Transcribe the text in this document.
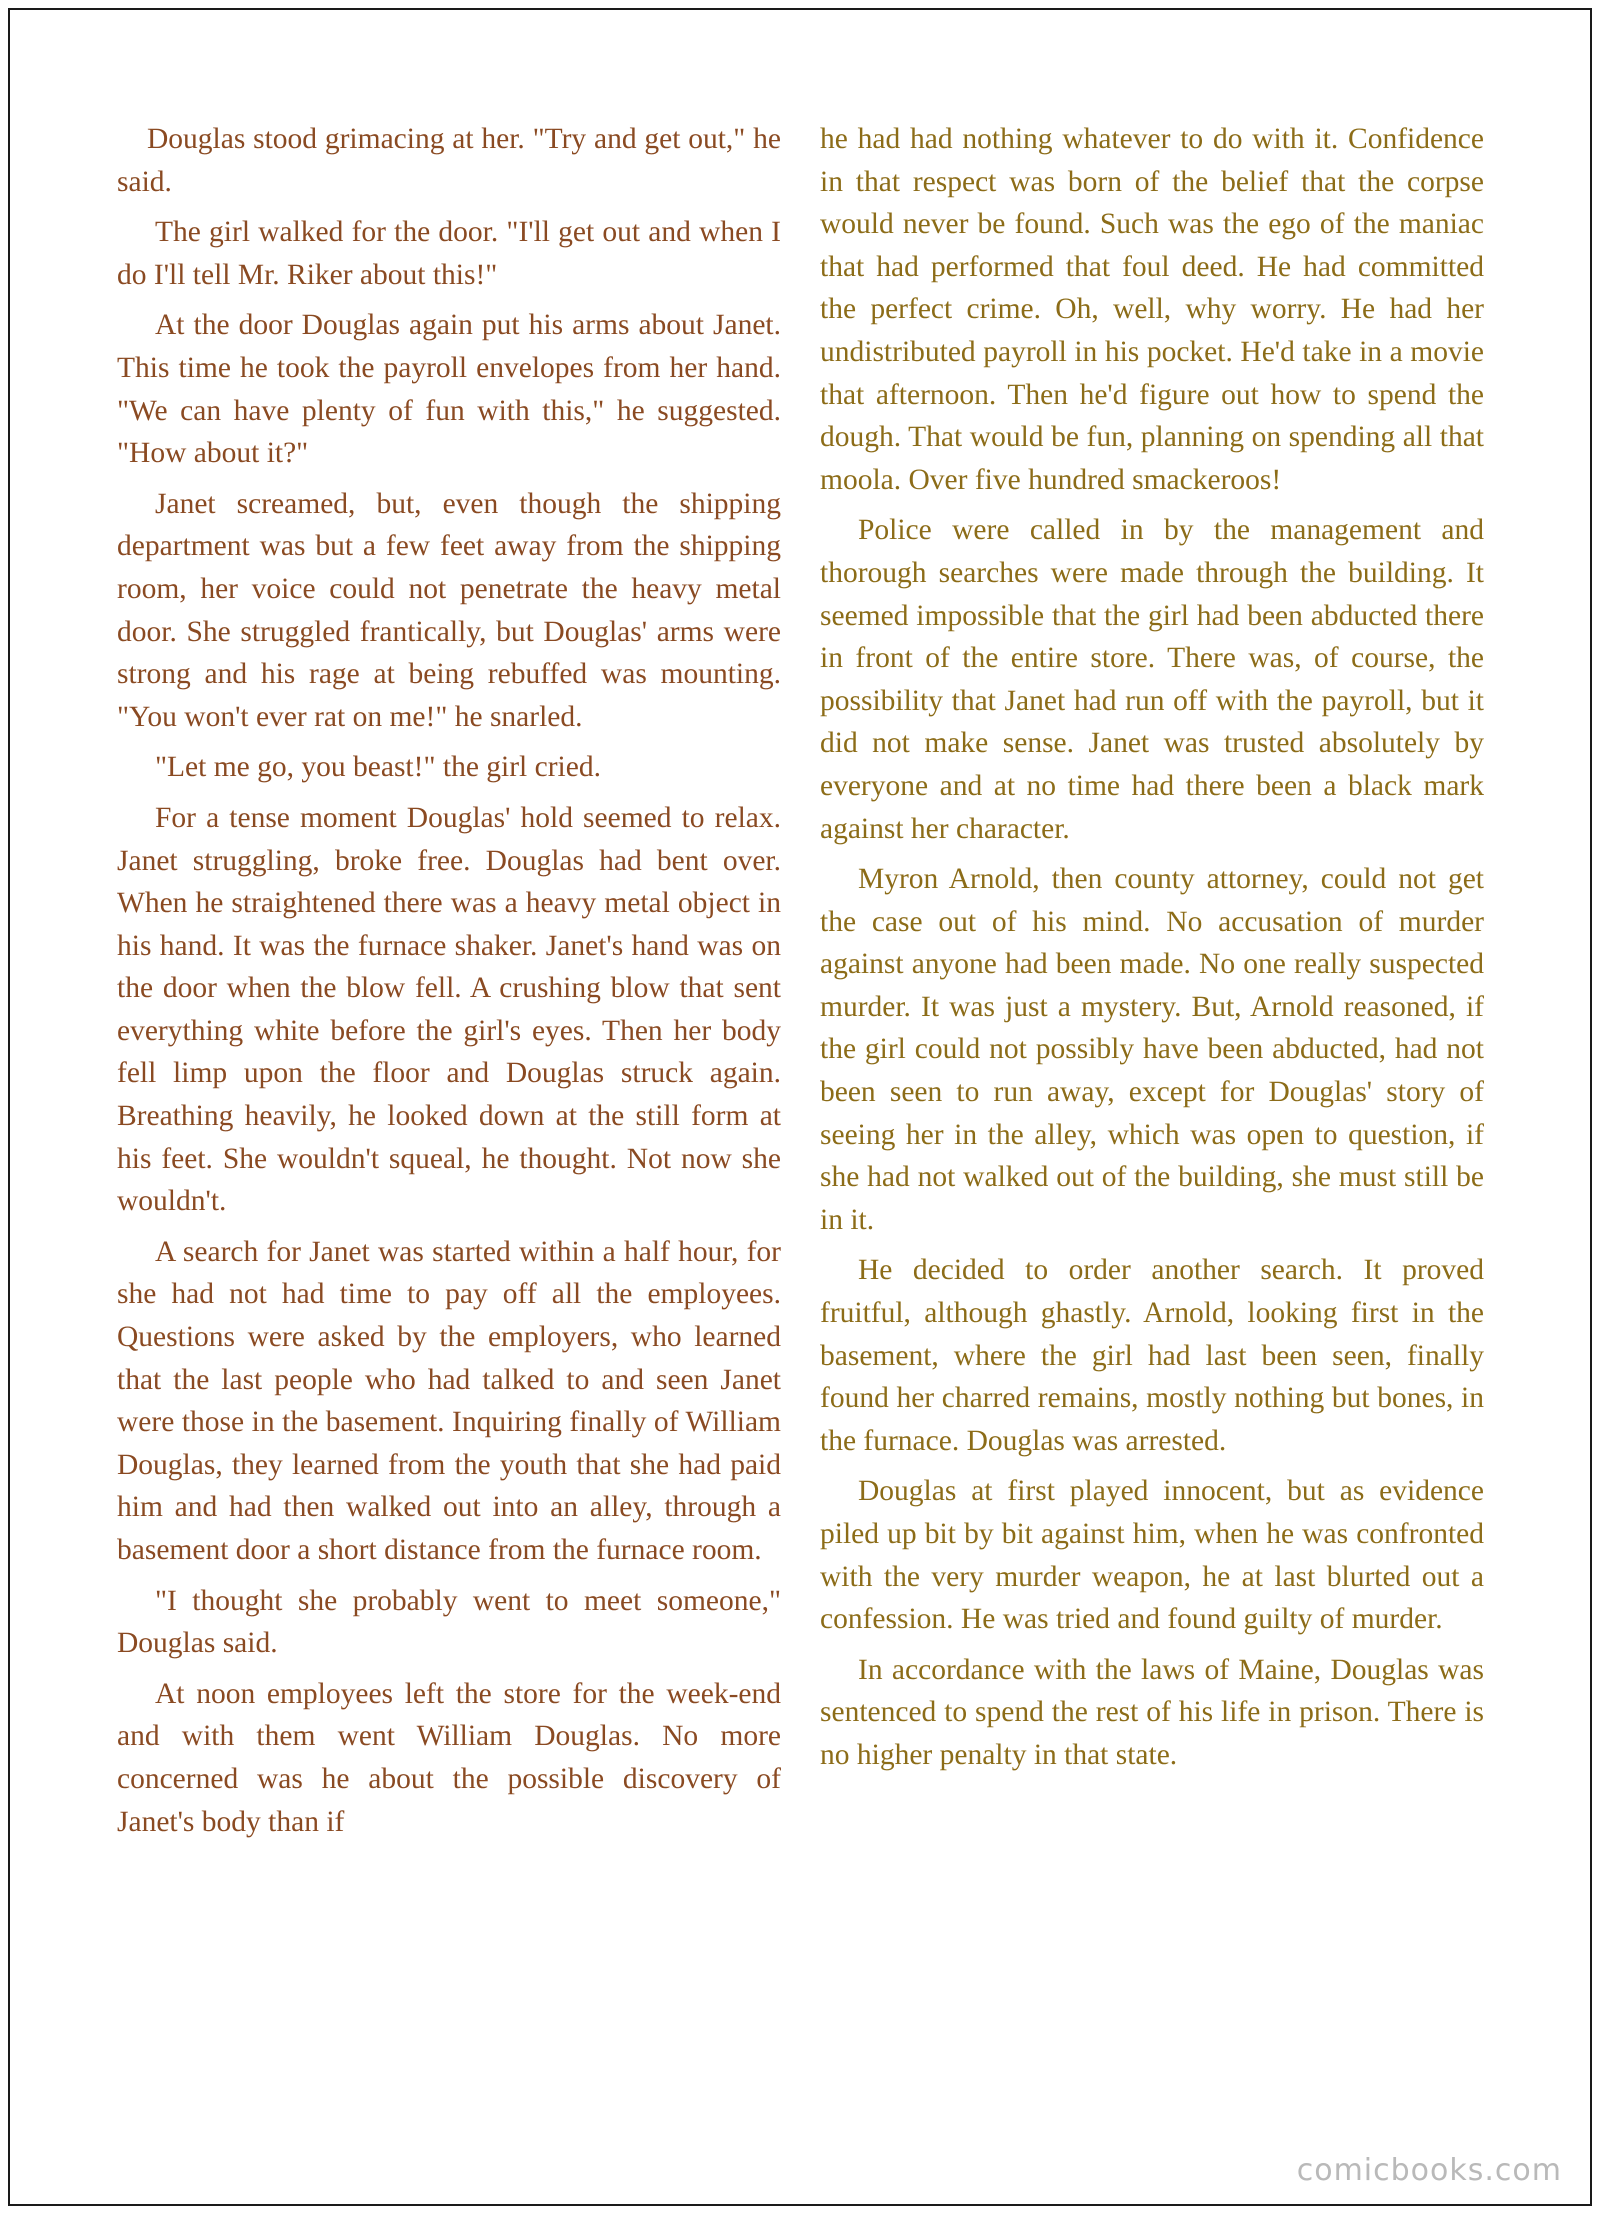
Douglas stood grimacing at her. "Try and get out," he said.

The girl walked for the door. "I'll get out and when I do I'll tell Mr. Riker about this!"

At the door Douglas again put his arms about Janet. This time he took the payroll envelopes from her hand. "We can have plenty of fun with this," he suggested. "How about it?"

Janet screamed, but, even though the shipping department was but a few feet away from the shipping room, her voice could not penetrate the heavy metal door. She struggled frantically, but Douglas' arms were strong and his rage at being rebuffed was mounting. "You won't ever rat on me!" he snarled.

"Let me go, you beast!" the girl cried.

For a tense moment Douglas' hold seemed to relax. Janet struggling, broke free. Douglas had bent over. When he straightened there was a heavy metal object in his hand. It was the furnace shaker. Janet's hand was on the door when the blow fell. A crushing blow that sent everything white before the girl's eyes. Then her body fell limp upon the floor and Douglas struck again. Breathing heavily, he looked down at the still form at his feet. She wouldn't squeal, he thought. Not now she wouldn't.

A search for Janet was started within a half hour, for she had not had time to pay off all the employees. Questions were asked by the employers, who learned that the last people who had talked to and seen Janet were those in the basement. Inquiring finally of William Douglas, they learned from the youth that she had paid him and had then walked out into an alley, through a basement door a short distance from the furnace room.

"I thought she probably went to meet someone," Douglas said.

At noon employees left the store for the week-end and with them went William Douglas. No more concerned was he about the possible discovery of Janet's body than if

he had had nothing whatever to do with it. Confidence in that respect was born of the belief that the corpse would never be found. Such was the ego of the maniac that had performed that foul deed. He had committed the perfect crime. Oh, well, why worry. He had her undistributed payroll in his pocket. He'd take in a movie that afternoon. Then he'd figure out how to spend the dough. That would be fun, planning on spending all that moola. Over five hundred smackeroos!

Police were called in by the management and thorough searches were made through the building. It seemed impossible that the girl had been abducted there in front of the entire store. There was, of course, the possibility that Janet had run off with the payroll, but it did not make sense. Janet was trusted absolutely by everyone and at no time had there been a black mark against her character.

Myron Arnold, then county attorney, could not get the case out of his mind. No accusation of murder against anyone had been made. No one really suspected murder. It was just a mystery. But, Arnold reasoned, if the girl could not possibly have been abducted, had not been seen to run away, except for Douglas' story of seeing her in the alley, which was open to question, if she had not walked out of the building, she must still be in it.

He decided to order another search. It proved fruitful, although ghastly. Arnold, looking first in the basement, where the girl had last been seen, finally found her charred remains, mostly nothing but bones, in the furnace. Douglas was arrested.

Douglas at first played innocent, but as evidence piled up bit by bit against him, when he was confronted with the very murder weapon, he at last blurted out a confession. He was tried and found guilty of murder.

In accordance with the laws of Maine, Douglas was sentenced to spend the rest of his life in prison. There is no higher penalty in that state.

comicbooks.com
